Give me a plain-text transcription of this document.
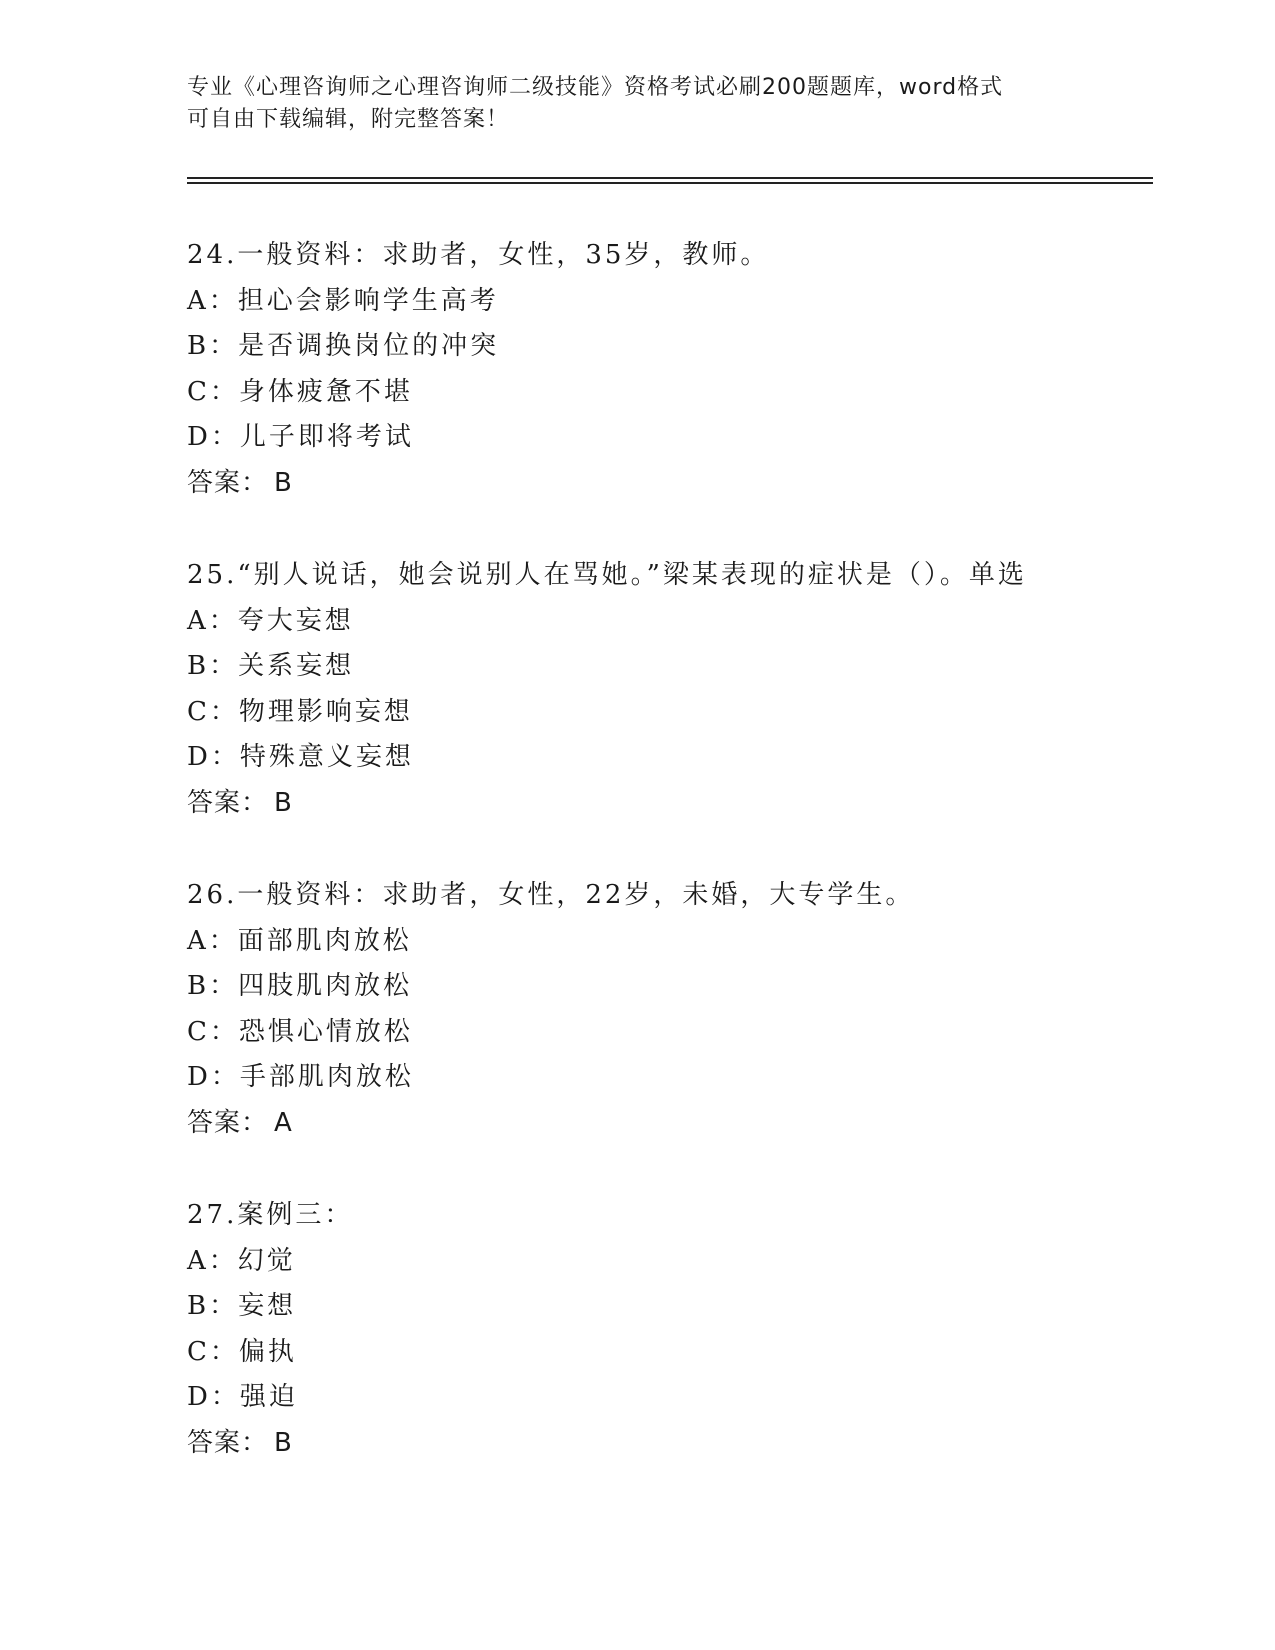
专业《心理咨询师之心理咨询师二级技能》资格考试必刷200题题库，word格式
可自由下载编辑，附完整答案！
24.一般资料：求助者，女性，35岁，教师。
A：担心会影响学生高考
B：是否调换岗位的冲突
C：身体疲惫不堪
D：儿子即将考试
答案： B
25.“别人说话，她会说别人在骂她。”梁某表现的症状是（）。单选
A：夸大妄想
B：关系妄想
C：物理影响妄想
D：特殊意义妄想
答案： B
26.一般资料：求助者，女性，22岁，未婚，大专学生。
A：面部肌肉放松
B：四肢肌肉放松
C：恐惧心情放松
D：手部肌肉放松
答案： A
27.案例三：
A：幻觉
B：妄想
C：偏执
D：强迫
答案： B
